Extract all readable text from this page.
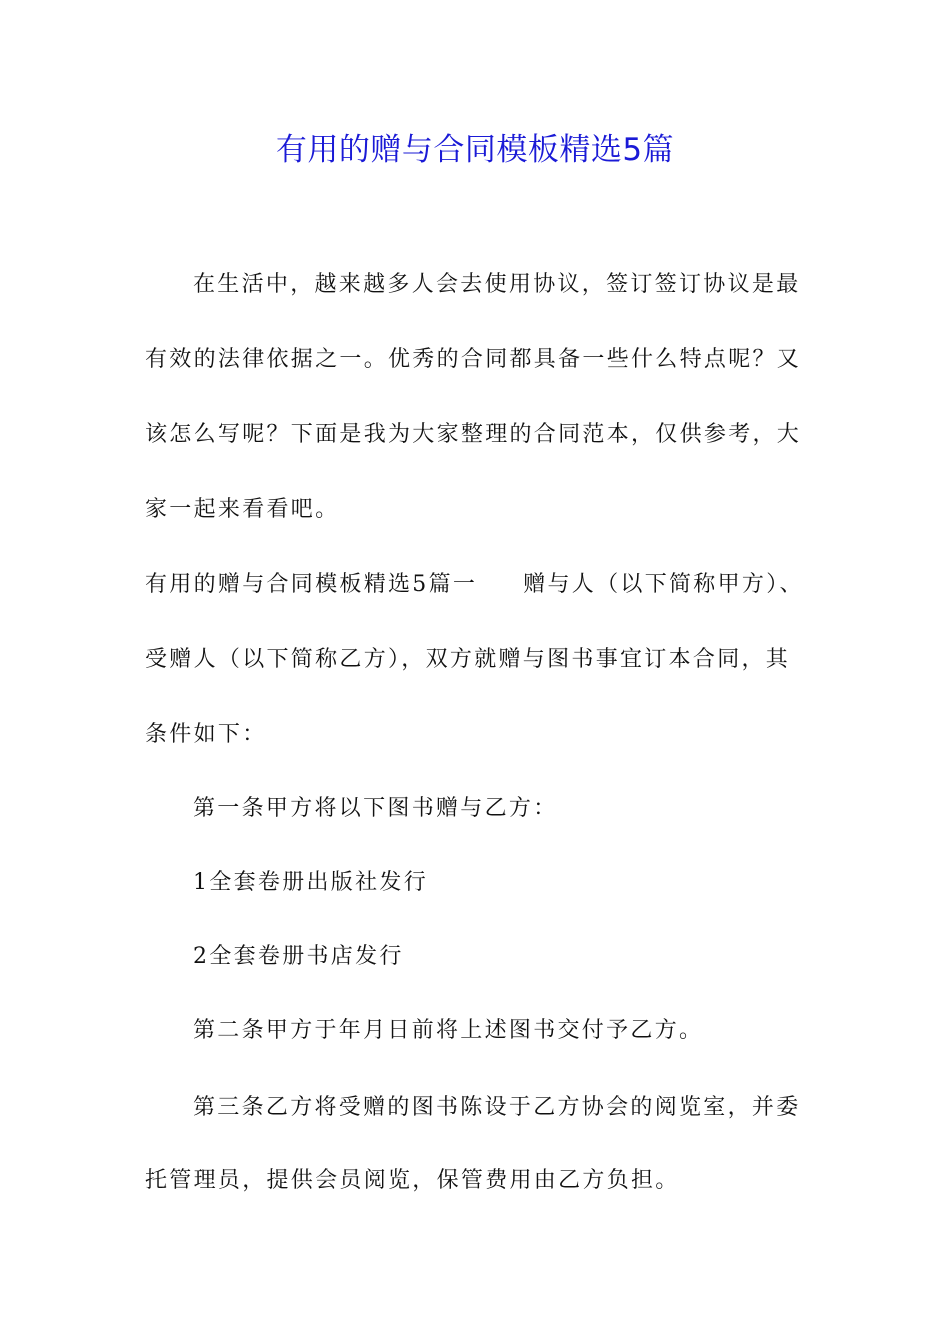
有用的赠与合同模板精选5篇
在生活中，越来越多人会去使用协议，签订签订协议是最
有效的法律依据之一。优秀的合同都具备一些什么特点呢？又
该怎么写呢？下面是我为大家整理的合同范本，仅供参考，大
家一起来看看吧。
有用的赠与合同模板精选5篇一 赠与人（以下简称甲方）、
受赠人（以下简称乙方），双方就赠与图书事宜订本合同，其
条件如下：
第一条甲方将以下图书赠与乙方：
1全套卷册出版社发行
2全套卷册书店发行
第二条甲方于年月日前将上述图书交付予乙方。
第三条乙方将受赠的图书陈设于乙方协会的阅览室，并委
托管理员，提供会员阅览，保管费用由乙方负担。
